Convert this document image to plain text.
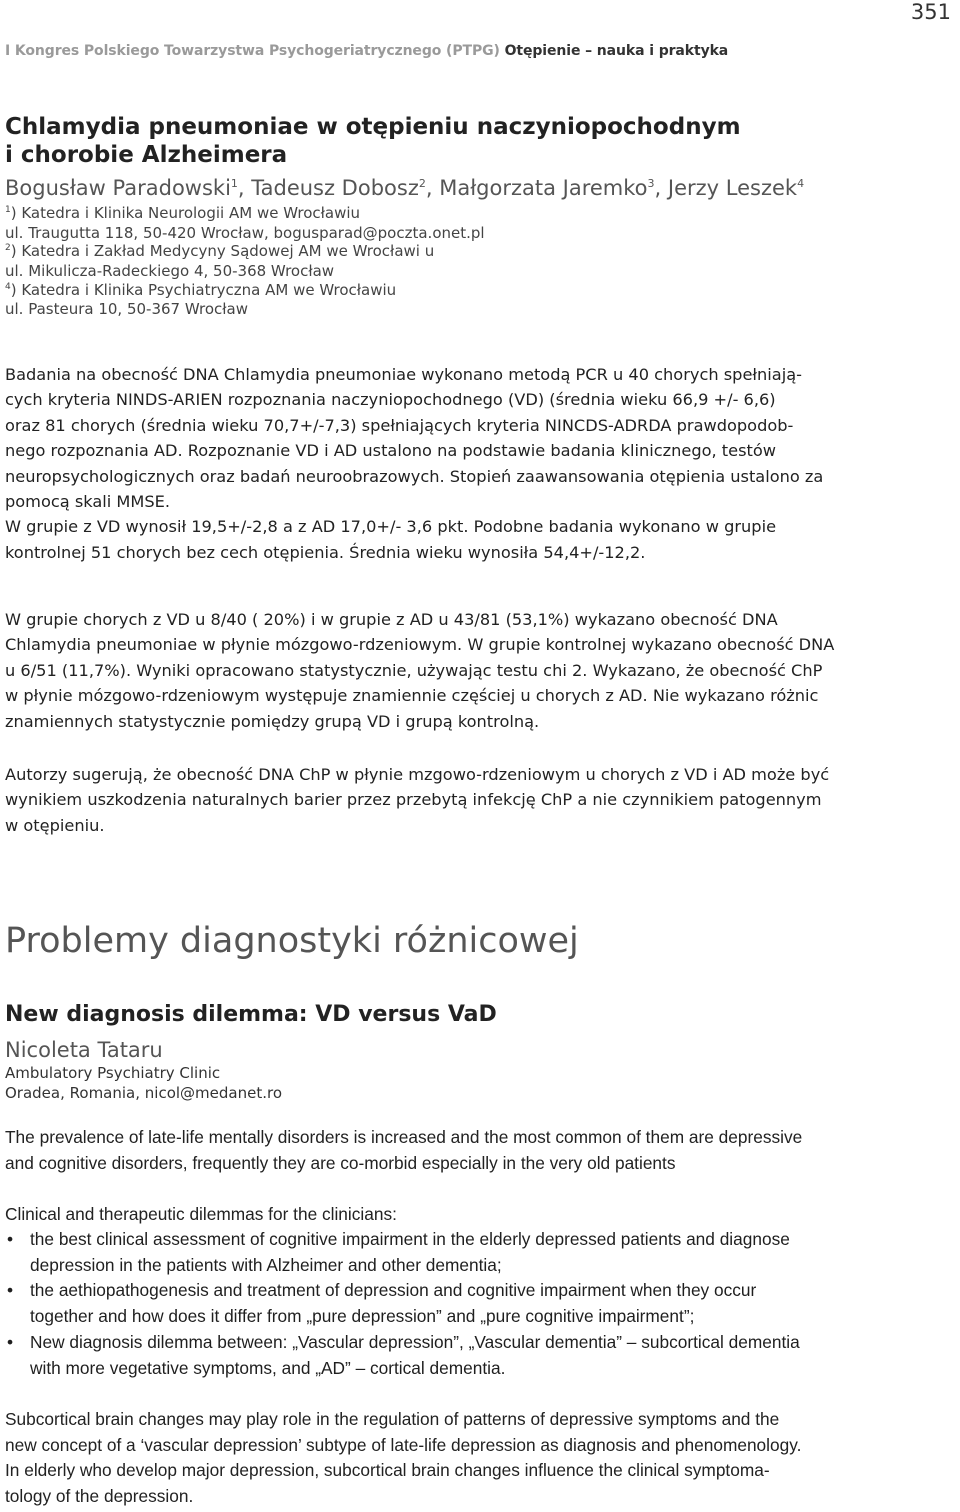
351
I Kongres Polskiego Towarzystwa Psychogeriatrycznego (PTPG) Otępienie – nauka i praktyka
Chlamydia pneumoniae w otępieniu naczyniopochodnym
i chorobie Alzheimera
Bogusław Paradowski$^1$, Tadeusz Dobosz$^2$, Małgorzata Jaremko$^3$, Jerzy Leszek$^4$
$^1$) Katedra i Klinika Neurologii AM we Wrocławiu
ul. Traugutta 118, 50-420 Wrocław, bogusparad@poczta.onet.pl
$^2$) Katedra i Zakład Medycyny Sądowej AM we Wrocławi u
ul. Mikulicza-Radeckiego 4, 50-368 Wrocław
$^4$) Katedra i Klinika Psychiatryczna AM we Wrocławiu
ul. Pasteura 10, 50-367 Wrocław

Badania na obecność DNA Chlamydia pneumoniae wykonano metodą PCR u 40 chorych spełniają-

cych kryteria NINDS-ARIEN rozpoznania naczyniopochodnego (VD) (średnia wieku 66,9 +/- 6,6)

oraz 81 chorych (średnia wieku 70,7+/-7,3) spełniających kryteria NINCDS-ADRDA prawdopodob-

nego rozpoznania AD. Rozpoznanie VD i AD ustalono na podstawie badania klinicznego, testów

neuropsychologicznych oraz badań neuroobrazowych. Stopień zaawansowania otępienia ustalono za

pomocą skali MMSE.

W grupie z VD wynosił 19,5+/-2,8 a z AD 17,0+/- 3,6 pkt. Podobne badania wykonano w grupie

kontrolnej 51 chorych bez cech otępienia. Średnia wieku wynosiła 54,4+/-12,2.

W grupie chorych z VD u 8/40 ( 20%) i w grupie z AD u 43/81 (53,1%) wykazano obecność DNA

Chlamydia pneumoniae w płynie mózgowo-rdzeniowym. W grupie kontrolnej wykazano obecność DNA

u 6/51 (11,7%). Wyniki opracowano statystycznie, używając testu chi 2. Wykazano, że obecność ChP

w płynie mózgowo-rdzeniowym występuje znamiennie częściej u chorych z AD. Nie wykazano różnic

znamiennych statystycznie pomiędzy grupą VD i grupą kontrolną.

Autorzy sugerują, że obecność DNA ChP w płynie mzgowo-rdzeniowym u chorych z VD i AD może być

wynikiem uszkodzenia naturalnych barier przez przebytą infekcję ChP a nie czynnikiem patogennym

w otępieniu.

Problemy diagnostyki różnicowej
New diagnosis dilemma: VD versus VaD
Nicoleta Tataru
Ambulatory Psychiatry Clinic
Oradea, Romania, nicol@medanet.ro

The prevalence of late-life mentally disorders is increased and the most common of them are depressive

and cognitive disorders, frequently they are co-morbid especially in the very old patients

Clinical and therapeutic dilemmas for the clinicians:
• the best clinical assessment of cognitive impairment in the elderly depressed patients and diagnose
depression in the patients with Alzheimer and other dementia;
• the aethiopathogenesis and treatment of depression and cognitive impairment when they occur
together and how does it differ from „pure depression” and „pure cognitive impairment”;
• New diagnosis dilemma between: „Vascular depression”, „Vascular dementia” – subcortical dementia
with more vegetative symptoms, and „AD” – cortical dementia.

Subcortical brain changes may play role in the regulation of patterns of depressive symptoms and the

new concept of a ‘vascular depression’ subtype of late-life depression as diagnosis and phenomenology.

In elderly who develop major depression, subcortical brain changes influence the clinical symptoma-

tology of the depression.
